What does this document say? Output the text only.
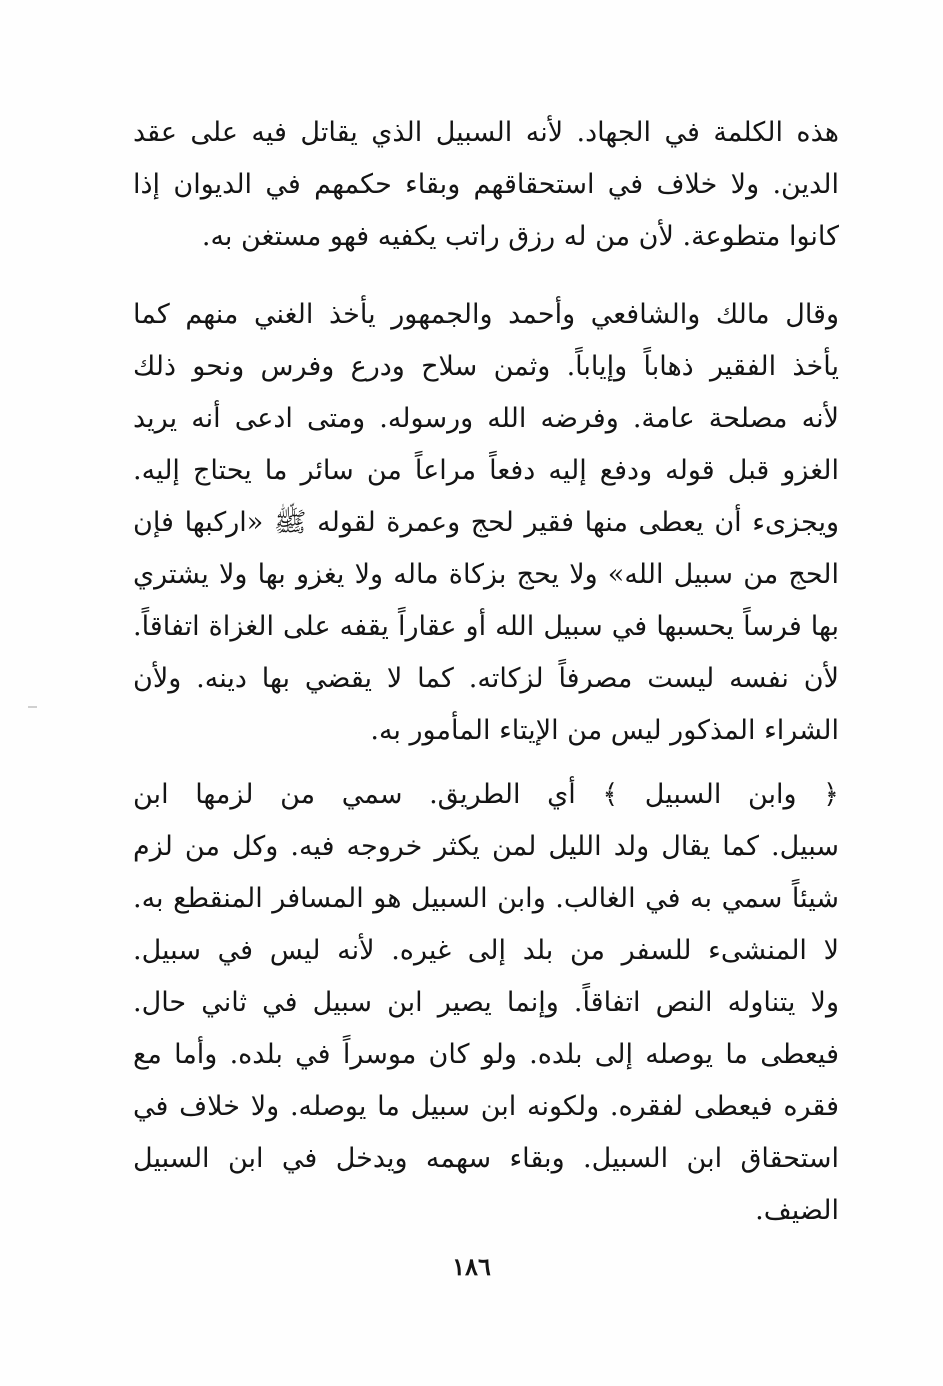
هذه الكلمة في الجهاد. لأنه السبيل الذي يقاتل فيه على عقد
الدين. ولا خلاف في استحقاقهم وبقاء حكمهم في الديوان إذا
كانوا متطوعة. لأن من له رزق راتب يكفيه فهو مستغن به.
وقال مالك والشافعي وأحمد والجمهور يأخذ الغني منهم كما
يأخذ الفقير ذهاباً وإياباً. وثمن سلاح ودرع وفرس ونحو ذلك
لأنه مصلحة عامة. وفرضه الله ورسوله. ومتى ادعى أنه يريد
الغزو قبل قوله ودفع إليه دفعاً مراعاً من سائر ما يحتاج إليه.
ويجزىء أن يعطى منها فقير لحج وعمرة لقوله ﷺ «اركبها فإن
الحج من سبيل الله» ولا يحج بزكاة ماله ولا يغزو بها ولا يشتري
بها فرساً يحسبها في سبيل الله أو عقاراً يقفه على الغزاة اتفاقاً.
لأن نفسه ليست مصرفاً لزكاته. كما لا يقضي بها دينه. ولأن
الشراء المذكور ليس من الإيتاء المأمور به.
﴿ وابن السبيل ﴾ أي الطريق. سمي من لزمها ابن
سبيل. كما يقال ولد الليل لمن يكثر خروجه فيه. وكل من لزم
شيئاً سمي به في الغالب. وابن السبيل هو المسافر المنقطع به.
لا المنشىء للسفر من بلد إلى غيره. لأنه ليس في سبيل.
ولا يتناوله النص اتفاقاً. وإنما يصير ابن سبيل في ثاني حال.
فيعطى ما يوصله إلى بلده. ولو كان موسراً في بلده. وأما مع
فقره فيعطى لفقره. ولكونه ابن سبيل ما يوصله. ولا خلاف في
استحقاق ابن السبيل. وبقاء سهمه ويدخل في ابن السبيل
الضيف.
١٨٦
